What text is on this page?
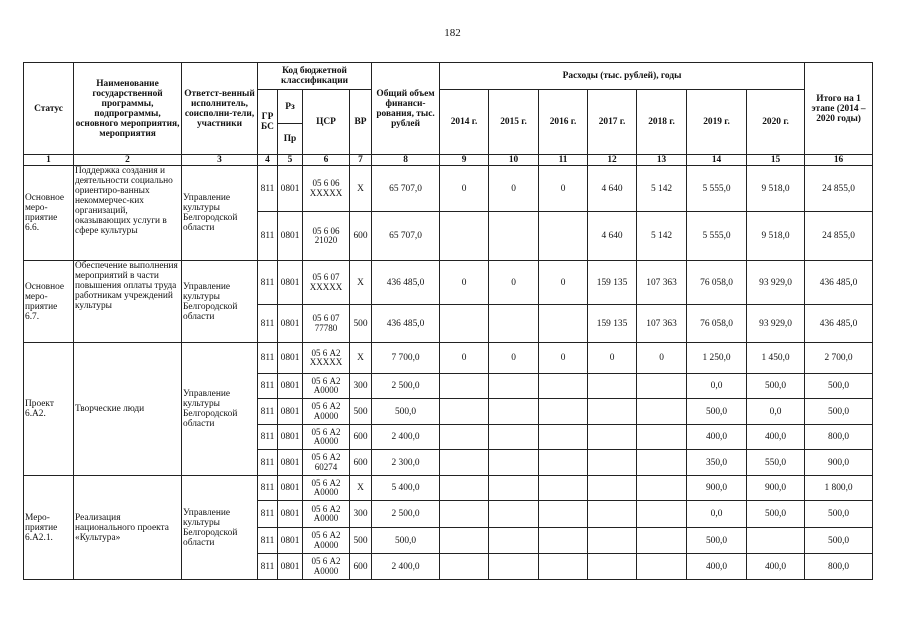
182
Статус	Наименование государственной программы, подпрограммы, основного мероприятия, мероприятия	Ответст-венный исполнитель, соисполни-тели, участники	Код бюджетной классификации				Общий объем финанси-рования, тыс. рублей	Расходы (тыс. рублей), годы							Итого на 1 этапе (2014 – 2020 годы)
			ГР БС	Рз	ЦСР	ВР		2014 г.	2015 г.	2016 г.	2017 г.	2018 г.	2019 г.	2020 г.	
				Пр											
1	2	3	4	5	6	7	8	9	10	11	12	13	14	15	16
Основное меро-приятие 6.6.	Поддержка создания и деятельности социально ориентиро-ванных некоммерчес-ких организаций, оказывающих услуги в сфере культуры	Управление культуры Белгородской области	811	0801	05 6 06 XXXXX	Х	65 707,0	0	0	0	4 640	5 142	5 555,0	9 518,0	24 855,0
			811	0801	05 6 06 21020	600	65 707,0				4 640	5 142	5 555,0	9 518,0	24 855,0
Основное меро-приятие 6.7.	Обеспечение выполнения мероприятий в части повышения оплаты труда работникам учреждений культуры	Управление культуры Белгородской области	811	0801	05 6 07 XXXXX	Х	436 485,0	0	0	0	159 135	107 363	76 058,0	93 929,0	436 485,0
			811	0801	05 6 07 77780	500	436 485,0				159 135	107 363	76 058,0	93 929,0	436 485,0
Проект 6.А2.	Творческие люди	Управление культуры Белгородской области	811	0801	05 6 А2 XXXXX	Х	7 700,0	0	0	0	0	0	1 250,0	1 450,0	2 700,0
			811	0801	05 6 А2 А0000	300	2 500,0						0,0	500,0	500,0
			811	0801	05 6 А2 А0000	500	500,0						500,0	0,0	500,0
			811	0801	05 6 А2 А0000	600	2 400,0						400,0	400,0	800,0
			811	0801	05 6 А2 60274	600	2 300,0						350,0	550,0	900,0
Меро-приятие 6.А2.1.	Реализация национального проекта «Культура»	Управление культуры Белгородской области	811	0801	05 6 А2 А0000	Х	5 400,0						900,0	900,0	1 800,0
			811	0801	05 6 А2 А0000	300	2 500,0						0,0	500,0	500,0
			811	0801	05 6 А2 А0000	500	500,0						500,0		500,0
			811	0801	05 6 А2 А0000	600	2 400,0						400,0	400,0	800,0
